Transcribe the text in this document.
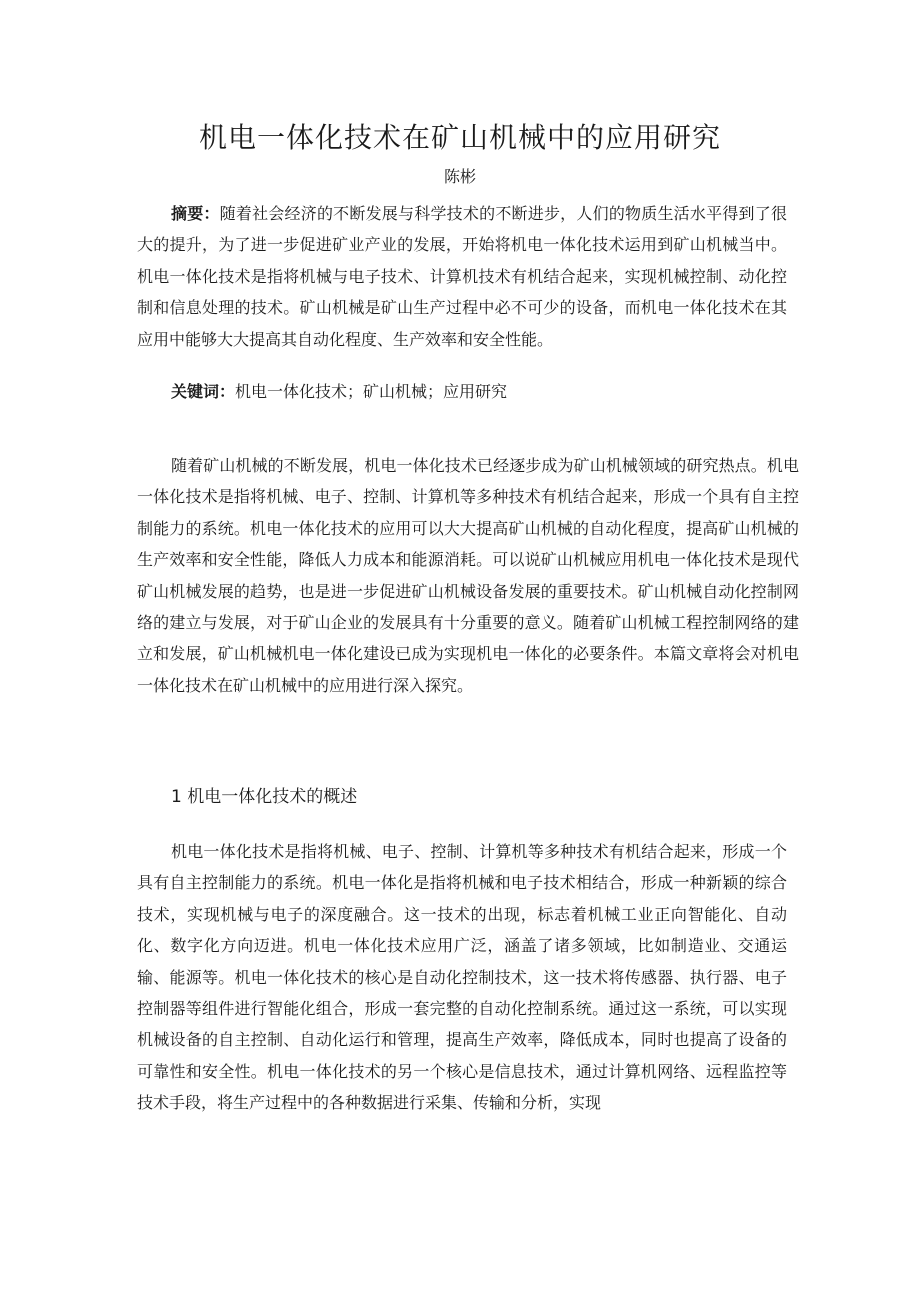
机电一体化技术在矿山机械中的应用研究
陈彬

摘要：随着社会经济的不断发展与科学技术的不断进步，人们的物质生活水平得到了很大的提升，为了进一步促进矿业产业的发展，开始将机电一体化技术运用到矿山机械当中。机电一体化技术是指将机械与电子技术、计算机技术有机结合起来，实现机械控制、动化控制和信息处理的技术。矿山机械是矿山生产过程中必不可少的设备，而机电一体化技术在其应用中能够大大提高其自动化程度、生产效率和安全性能。

关键词：机电一体化技术；矿山机械；应用研究

随着矿山机械的不断发展，机电一体化技术已经逐步成为矿山机械领域的研究热点。机电一体化技术是指将机械、电子、控制、计算机等多种技术有机结合起来，形成一个具有自主控制能力的系统。机电一体化技术的应用可以大大提高矿山机械的自动化程度，提高矿山机械的生产效率和安全性能，降低人力成本和能源消耗。可以说矿山机械应用机电一体化技术是现代矿山机械发展的趋势，也是进一步促进矿山机械设备发展的重要技术。矿山机械自动化控制网络的建立与发展，对于矿山企业的发展具有十分重要的意义。随着矿山机械工程控制网络的建立和发展，矿山机械机电一体化建设已成为实现机电一体化的必要条件。本篇文章将会对机电一体化技术在矿山机械中的应用进行深入探究。

1 机电一体化技术的概述

机电一体化技术是指将机械、电子、控制、计算机等多种技术有机结合起来，形成一个具有自主控制能力的系统。机电一体化是指将机械和电子技术相结合，形成一种新颖的综合技术，实现机械与电子的深度融合。这一技术的出现，标志着机械工业正向智能化、自动化、数字化方向迈进。机电一体化技术应用广泛，涵盖了诸多领域，比如制造业、交通运输、能源等。机电一体化技术的核心是自动化控制技术，这一技术将传感器、执行器、电子控制器等组件进行智能化组合，形成一套完整的自动化控制系统。通过这一系统，可以实现机械设备的自主控制、自动化运行和管理，提高生产效率，降低成本，同时也提高了设备的可靠性和安全性。机电一体化技术的另一个核心是信息技术，通过计算机网络、远程监控等技术手段，将生产过程中的各种数据进行采集、传输和分析，实现
